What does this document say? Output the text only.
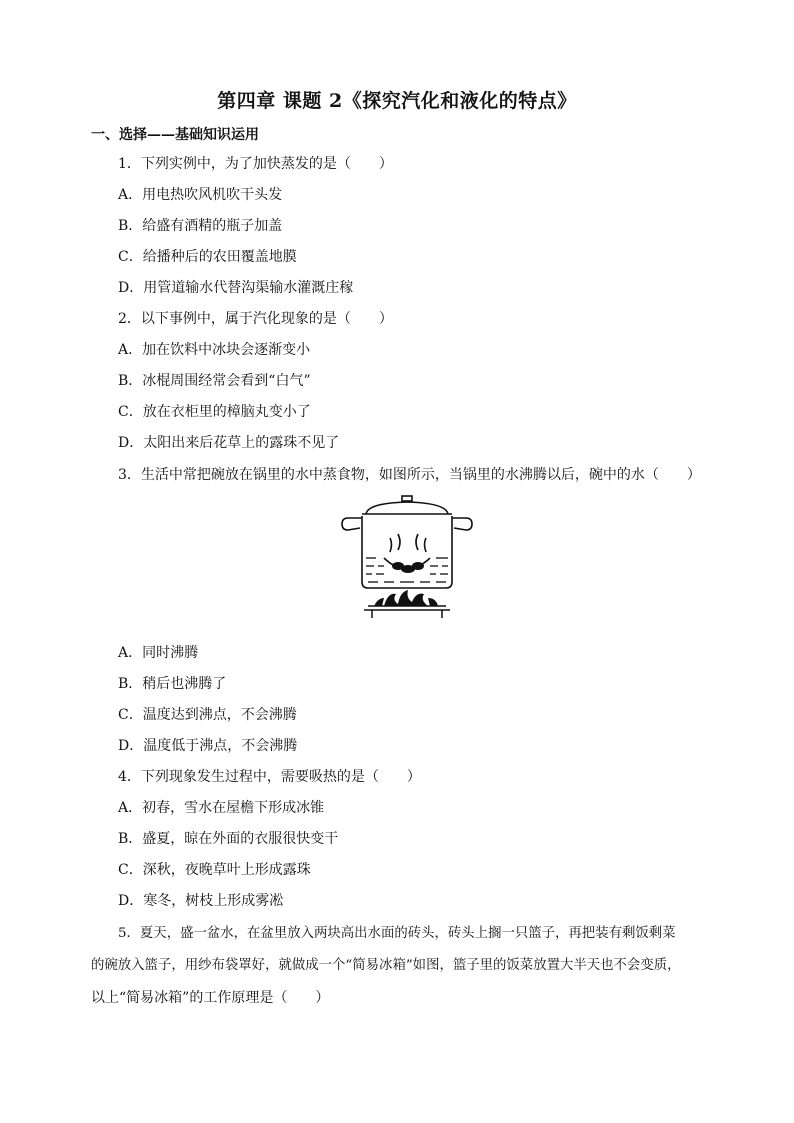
第四章 课题 2《探究汽化和液化的特点》
一、选择——基础知识运用
1．下列实例中，为了加快蒸发的是（　　）
A．用电热吹风机吹干头发
B．给盛有酒精的瓶子加盖
C．给播种后的农田覆盖地膜
D．用管道输水代替沟渠输水灌溉庄稼
2．以下事例中，属于汽化现象的是（　　）
A．加在饮料中冰块会逐渐变小
B．冰棍周围经常会看到“白气”
C．放在衣柜里的樟脑丸变小了
D．太阳出来后花草上的露珠不见了
3．生活中常把碗放在锅里的水中蒸食物，如图所示，当锅里的水沸腾以后，碗中的水（　　）
A．同时沸腾
B．稍后也沸腾了
C．温度达到沸点，不会沸腾
D．温度低于沸点，不会沸腾
4．下列现象发生过程中，需要吸热的是（　　）
A．初春，雪水在屋檐下形成冰锥
B．盛夏，晾在外面的衣服很快变干
C．深秋，夜晚草叶上形成露珠
D．寒冬，树枝上形成雾凇
5．夏天，盛一盆水，在盆里放入两块高出水面的砖头，砖头上搁一只篮子，再把装有剩饭剩菜
的碗放入篮子，用纱布袋罩好，就做成一个“简易冰箱”如图，篮子里的饭菜放置大半天也不会变质，
以上“简易冰箱”的工作原理是（　　）
